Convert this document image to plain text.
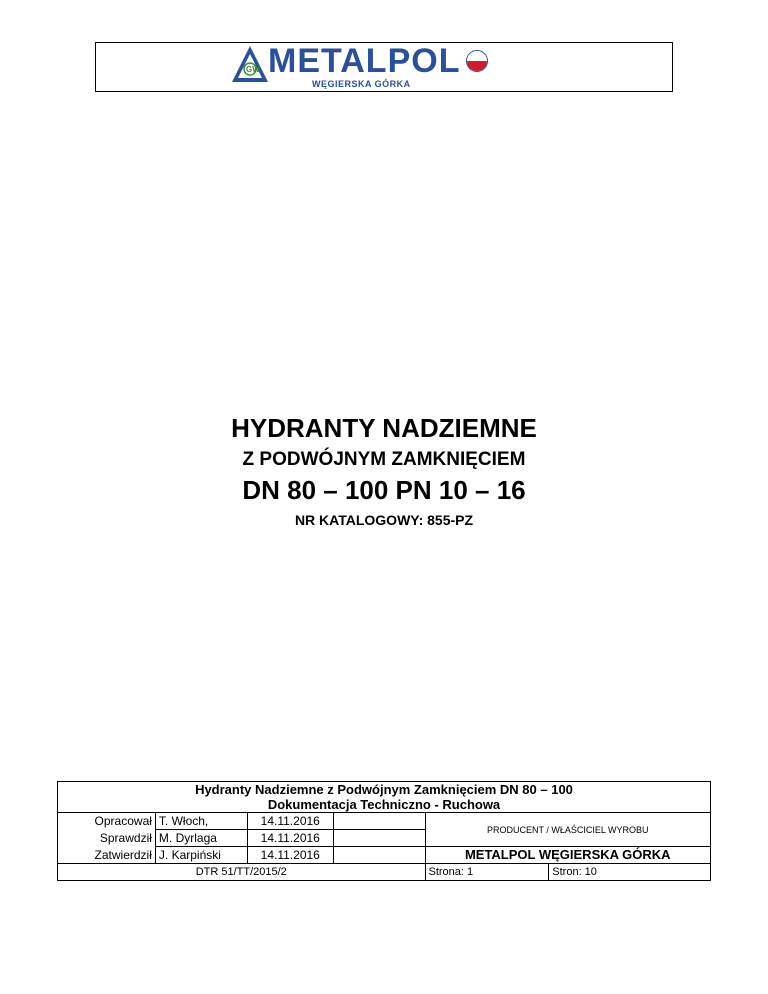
GW METALPOL
WĘGIERSKA GÓRKA
HYDRANTY NADZIEMNE
Z PODWÓJNYM ZAMKNIĘCIEM
DN 80 – 100 PN 10 – 16
NR KATALOGOWY: 855-PZ
Hydranty Nadziemne z Podwójnym Zamknięciem DN 80 – 100					
Dokumentacja Techniczno - Ruchowa					
Opracował	T. Włoch,	14.11.2016		PRODUCENT / WŁAŚCICIEL WYROBU	
Sprawdził	M. Dyrlaga	14.11.2016			
Zatwierdził	J. Karpiński	14.11.2016		METALPOL WĘGIERSKA GÓRKA	
DTR 51/TT/2015/2				Strona: 1	Stron: 10
